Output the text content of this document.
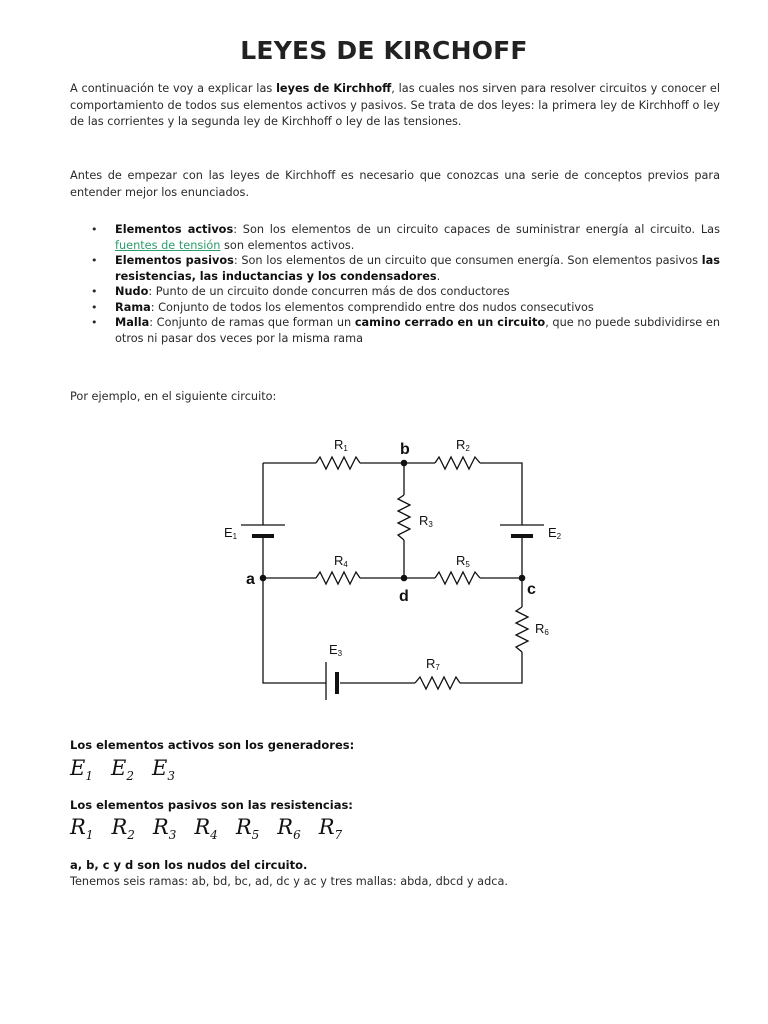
LEYES DE KIRCHOFF

A continuación te voy a explicar las leyes de Kirchhoff, las cuales nos sirven para resolver circuitos y conocer el comportamiento de todos sus elementos activos y pasivos. Se trata de dos leyes: la primera ley de Kirchhoff o ley de las corrientes y la segunda ley de Kirchhoff o ley de las tensiones.

Antes de empezar con las leyes de Kirchhoff es necesario que conozcas una serie de conceptos previos para entender mejor los enunciados.

• Elementos activos: Son los elementos de un circuito capaces de suministrar energía al circuito. Las fuentes de tensión son elementos activos.
• Elementos pasivos: Son los elementos de un circuito que consumen energía. Son elementos pasivos las resistencias, las inductancias y los condensadores.
• Nudo: Punto de un circuito donde concurren más de dos conductores
• Rama: Conjunto de todos los elementos comprendido entre dos nudos consecutivos
• Malla: Conjunto de ramas que forman un camino cerrado en un circuito, que no puede subdividirse en otros ni pasar dos veces por la misma rama

Por ejemplo, en el siguiente circuito:

R1	R2
R3
R4	R5
R6
R7
E1	E2
E3
b
a
d	c

Los elementos activos son los generadores:

$E_1$ $E_2$ $E_3$

Los elementos pasivos son las resistencias:

$R_1$ $R_2$ $R_3$ $R_4$ $R_5$ $R_6$ $R_7$

a, b, c y d son los nudos del circuito.

Tenemos seis ramas: ab, bd, bc, ad, dc y ac y tres mallas: abda, dbcd y adca.
